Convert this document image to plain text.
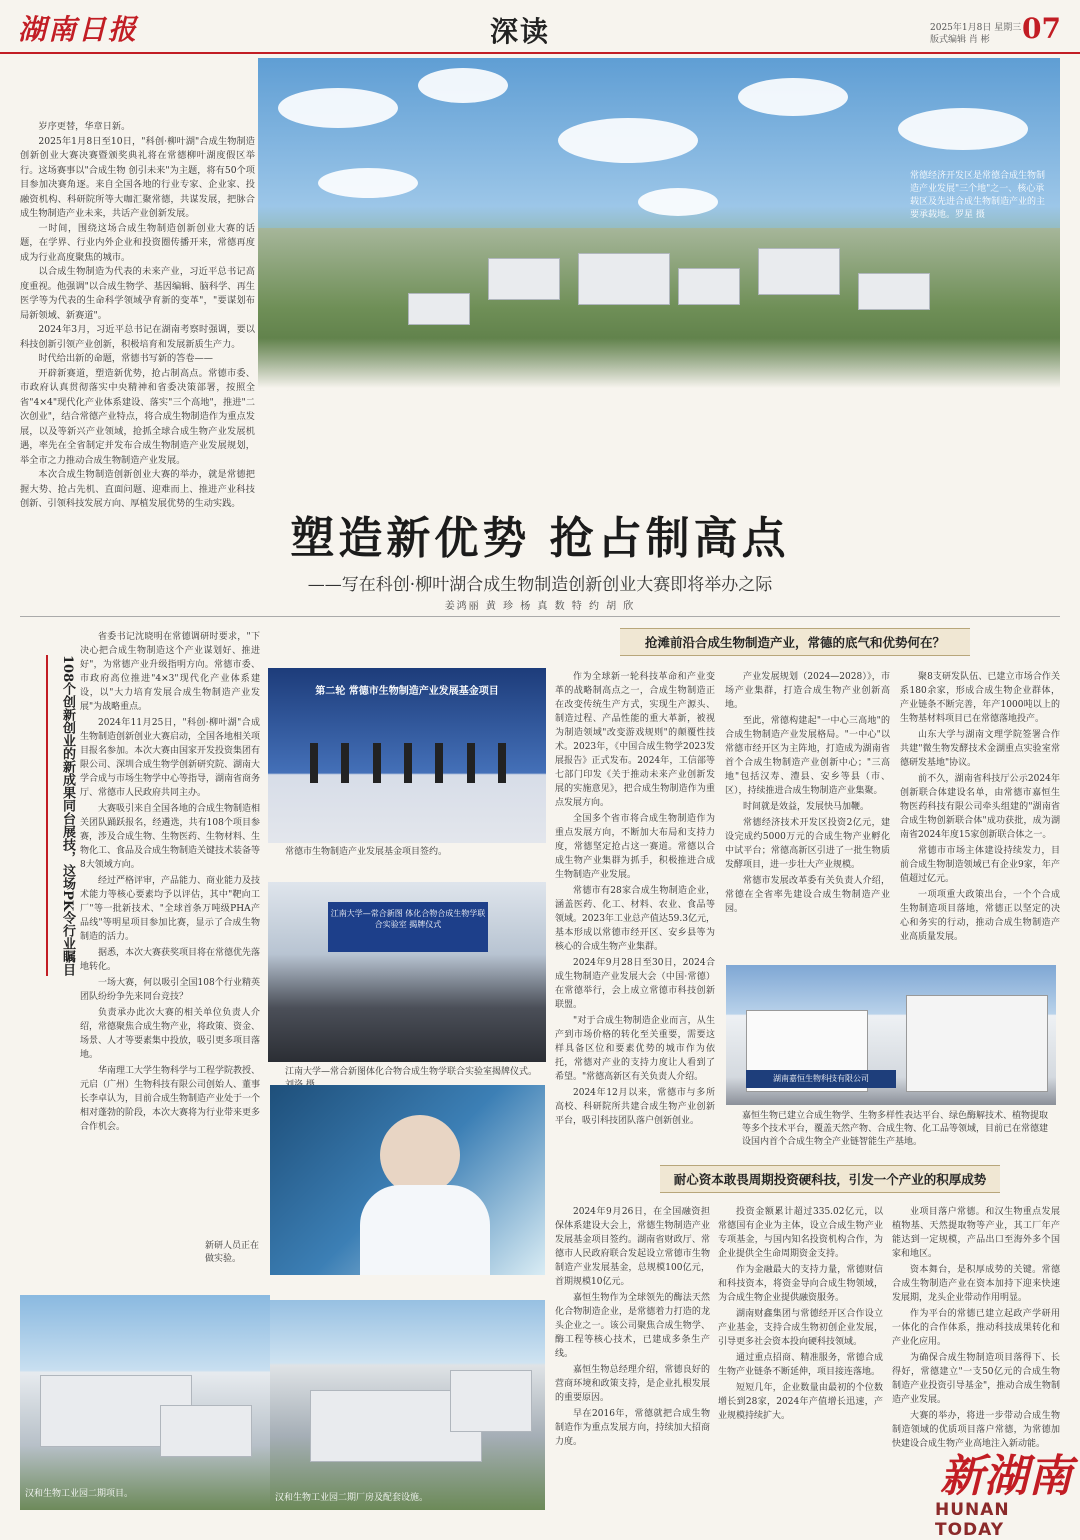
湖南日报	深读	2025年1月8日 星期三
版式编辑 肖 彬	07
常德经济开发区是常德合成生物制造产业发展"三个地"之一、核心承载区及先进合成生物制造产业的主要承载地。罗星 摄

岁序更替，华章日新。

2025年1月8日至10日，"科创·柳叶湖"合成生物制造创新创业大赛决赛暨颁奖典礼将在常德柳叶湖度假区举行。这场赛事以"合成生物 创引未来"为主题，将有50个项目参加决赛角逐。来自全国各地的行业专家、企业家、投融资机构、科研院所等大咖汇聚常德，共谋发展，把脉合成生物制造产业未来，共话产业创新发展。

一时间，围绕这场合成生物制造创新创业大赛的话题，在学界、行业内外企业和投资圈传播开来，常德再度成为行业高度聚焦的城市。

以合成生物制造为代表的未来产业，习近平总书记高度重视。他强调"以合成生物学、基因编辑、脑科学、再生医学等为代表的生命科学领域孕育新的变革"，"要谋划布局新领域、新赛道"。

2024年3月，习近平总书记在湖南考察时强调，要以科技创新引领产业创新，积极培育和发展新质生产力。

时代给出新的命题，常德书写新的答卷——

开辟新赛道，塑造新优势，抢占制高点。常德市委、市政府认真贯彻落实中央精神和省委决策部署，按照全省"4×4"现代化产业体系建设、落实"三个高地"，推进"二次创业"，结合常德产业特点，将合成生物制造作为重点发展，以及等新兴产业领域，抢抓全球合成生物产业发展机遇，率先在全省制定并发布合成生物制造产业发展规划，举全市之力推动合成生物制造产业发展。

本次合成生物制造创新创业大赛的举办，就是常德把握大势、抢占先机、直面问题、迎难而上、推进产业科技创新、引领科技发展方向、厚植发展优势的生动实践。

塑造新优势 抢占制高点
——写在科创·柳叶湖合成生物制造创新创业大赛即将举办之际
姜鸿丽 黄 珍 杨 真 数 特 约 胡 欣
108个创新创业的新成果同台展技，这场PK令行业瞩目

省委书记沈晓明在常德调研时要求，"下决心把合成生物制造这个产业谋划好、推进好"，为常德产业升级指明方向。常德市委、市政府高位推进"4×3"现代化产业体系建设，以"大力培育发展合成生物制造产业发展"为战略重点。

2024年11月25日，"科创·柳叶湖"合成生物制造创新创业大赛启动，全国各地相关项目报名参加。本次大赛由国家开发投资集团有限公司、深圳合成生物学创新研究院、湖南大学合成与市场生物学中心等指导，湖南省商务厅、常德市人民政府共同主办。

大赛吸引来自全国各地的合成生物制造相关团队踊跃报名，经遴选，共有108个项目参赛，涉及合成生物、生物医药、生物材料、生物化工、食品及合成生物制造关键技术装备等8大领域方向。

经过严格评审，产品能力、商业能力及技术能力等核心要素均予以评估，其中"靶向工厂"等一批新技术、"全球首条万吨级PHA产品线"等明星项目参加比赛，显示了合成生物制造的活力。

据悉，本次大赛获奖项目将在常德优先落地转化。

一场大赛，何以吸引全国108个行业精英团队纷纷争先来同台竞技？

负责承办此次大赛的相关单位负责人介绍，常德聚焦合成生物产业，将政策、资金、场景、人才等要素集中投放，吸引更多项目落地。

华南理工大学生物科学与工程学院教授、元启（广州）生物科技有限公司创始人、董事长李卓认为，目前合成生物制造产业处于一个相对蓬勃的阶段，本次大赛将为行业带来更多合作机会。

第二轮 常德市生物制造产业发展基金项目
常德市生物制造产业发展基金项目签约。
江南大学—常合新图 体化合物合成生物学联合实验室 揭牌仪式
江南大学—常合新图体化合物合成生物学联合实验室揭牌仪式。
湖南嘉恒生物科技有限公司
嘉恒生物已建立合成生物学、生物多样性表达平台、绿色酶解技术、植物提取等多个技术平台，覆盖天然产物、合成生物、化工品等领域，目前已在常德建设国内首个合成生物全产业链智能生产基地。
新研人员正在做实验。
汉和生物工业园二期项目。	汉和生物工业园二期厂房及配套设施。
抢滩前沿合成生物制造产业，常德的底气和优势何在？

作为全球新一轮科技革命和产业变革的战略制高点之一，合成生物制造正在改变传统生产方式，实现生产源头、制造过程、产品性能的重大革新，被视为制造领域"改变游戏规则"的颠覆性技术。2023年，《中国合成生物学2023发展报告》正式发布。2024年，工信部等七部门印发《关于推动未来产业创新发展的实施意见》，把合成生物制造作为重点发展方向。

全国多个省市将合成生物制造作为重点发展方向，不断加大布局和支持力度，常德坚定抢占这一赛道。常德以合成生物产业集群为抓手，积极推进合成生物制造产业发展。

常德市有28家合成生物制造企业，涵盖医药、化工、材料、农业、食品等领域。2023年工业总产值达59.3亿元，基本形成以常德市经开区、安乡县等为核心的合成生物产业集群。

2024年9月28日至30日，2024合成生物制造产业发展大会（中国·常德）在常德举行，会上成立常德市科技创新联盟。

"对于合成生物制造企业而言，从生产到市场价格的转化至关重要，需要这样具备区位和要素优势的城市作为依托，常德对产业的支持力度让人看到了希望。"常德高新区有关负责人介绍。

2024年12月以来，常德市与多所高校、科研院所共建合成生物产业创新平台，吸引科技团队落户创新创业。

产业发展规划（2024—2028）》，市场产业集群，打造合成生物产业创新高地。

至此，常德构建起"一中心三高地"的合成生物制造产业发展格局。"一中心"以常德市经开区为主阵地，打造成为湖南省首个合成生物制造产业创新中心；"三高地"包括汉寿、澧县、安乡等县（市、区），持续推进合成生物制造产业集聚。

时间就是效益，发展快马加鞭。

常德经济技术开发区投资2亿元，建设完成约5000万元的合成生物产业孵化中试平台；常德高新区引进了一批生物质发酵项目，进一步壮大产业规模。

常德市发展改革委有关负责人介绍，常德在全省率先建设合成生物制造产业园。

聚8支研发队伍、已建立市场合作关系180余家，形成合成生物企业群体，产业链条不断完善，年产1000吨以上的生物基材料项目已在常德落地投产。

山东大学与湖南文理学院签署合作共建"微生物发酵技术金湖重点实验室常德研发基地"协议。

前不久，湖南省科技厅公示2024年创新联合体建设名单，由常德市嘉恒生物医药科技有限公司牵头组建的"湖南省合成生物创新联合体"成功获批，成为湖南省2024年度15家创新联合体之一。

常德市市场主体建设持续发力，目前合成生物制造领域已有企业9家，年产值超过亿元。

一项项重大政策出台，一个个合成生物制造项目落地，常德正以坚定的决心和务实的行动，推动合成生物制造产业高质量发展。

耐心资本敢畏周期投资硬科技，引发一个产业的积厚成势

2024年9月26日，在全国融资担保体系建设大会上，常德生物制造产业发展基金项目签约。湖南省财政厅、常德市人民政府联合发起设立常德市生物制造产业发展基金，总规模100亿元，首期规模10亿元。

嘉恒生物作为全球领先的酶法天然化合物制造企业，是常德着力打造的龙头企业之一。该公司聚焦合成生物学、酶工程等核心技术，已建成多条生产线。

嘉恒生物总经理介绍，常德良好的营商环境和政策支持，是企业扎根发展的重要原因。

早在2016年，常德就把合成生物制造作为重点发展方向，持续加大招商力度。

投资金额累计超过335.02亿元，以常德国有企业为主体，设立合成生物产业专项基金，与国内知名投资机构合作，为企业提供全生命周期资金支持。

作为金融最大的支持力量，常德财信和科技资本，将资金导向合成生物领域，为合成生物企业提供融资服务。

湖南财鑫集团与常德经开区合作设立产业基金，支持合成生物初创企业发展，引导更多社会资本投向硬科技领域。

通过重点招商、精准服务，常德合成生物产业链条不断延伸，项目接连落地。

短短几年，企业数量由最初的个位数增长到28家，2024年产值增长迅速，产业规模持续扩大。

业项目落户常德。和汉生物重点发展植物基、天然提取物等产业，其工厂年产能达到一定规模，产品出口至海外多个国家和地区。

资本舞台，是积厚成势的关键。常德合成生物制造产业在资本加持下迎来快速发展期，龙头企业带动作用明显。

作为平台的常德已建立起政产学研用一体化的合作体系，推动科技成果转化和产业化应用。

为确保合成生物制造项目落得下、长得好，常德建立"一支50亿元的合成生物制造产业投资引导基金"，推动合成生物制造产业发展。

大赛的举办，将进一步带动合成生物制造领域的优质项目落户常德，为常德加快建设合成生物产业高地注入新动能。

新湖南
HUNAN TODAY
